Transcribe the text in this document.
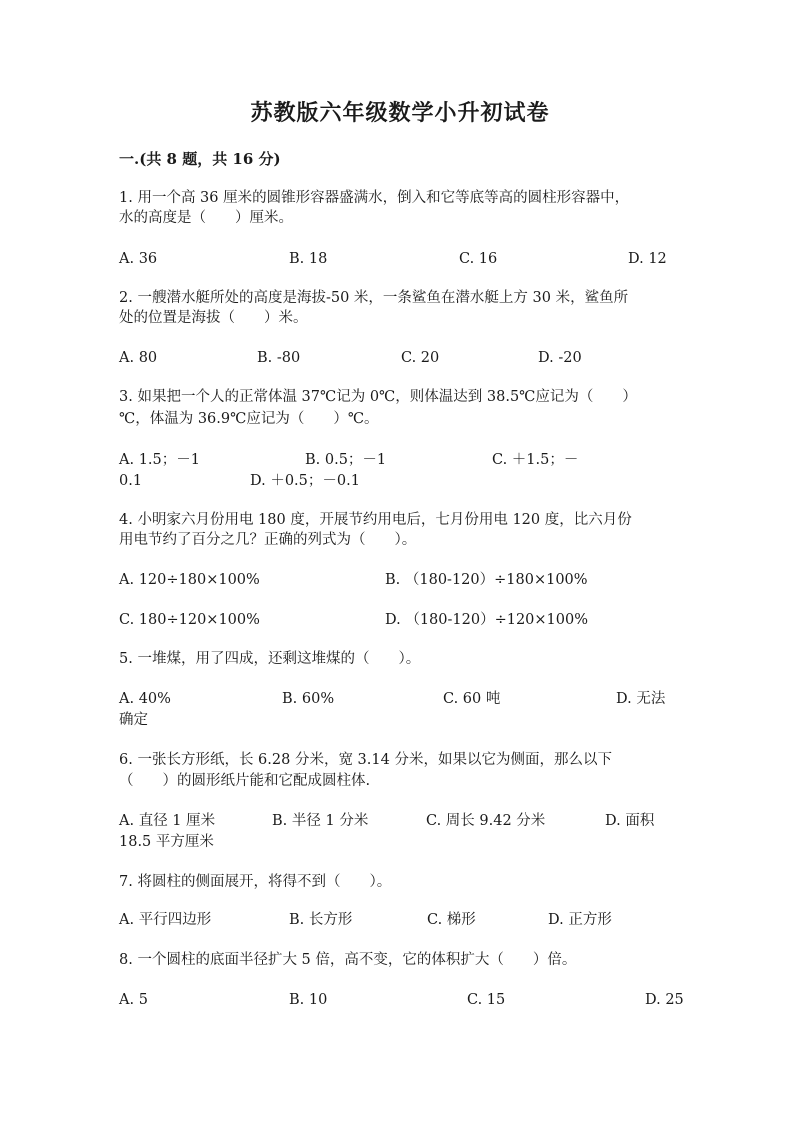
苏教版六年级数学小升初试卷
一.(共 8 题，共 16 分)
1. 用一个高 36 厘米的圆锥形容器盛满水，倒入和它等底等高的圆柱形容器中，
水的高度是（　　）厘米。
A. 36	B. 18	C. 16	D. 12
2. 一艘潜水艇所处的高度是海拔-50 米，一条鲨鱼在潜水艇上方 30 米，鲨鱼所
处的位置是海拔（　　）米。
A. 80	B. -80	C. 20	D. -20
3. 如果把一个人的正常体温 37℃记为 0℃，则体温达到 38.5℃应记为（　　）
℃，体温为 36.9℃应记为（　　）℃。
A. 1.5；－1	B. 0.5；－1	C. ＋1.5；－
0.1	D. ＋0.5；－0.1
4. 小明家六月份用电 180 度，开展节约用电后，七月份用电 120 度，比六月份
用电节约了百分之几？正确的列式为（　　）。
A. 120÷180×100%	B. （180-120）÷180×100%
C. 180÷120×100%	D. （180-120）÷120×100%
5. 一堆煤，用了四成，还剩这堆煤的（　　）。
A. 40%	B. 60%	C. 60 吨	D. 无法
确定
6. 一张长方形纸，长 6.28 分米，宽 3.14 分米，如果以它为侧面，那么以下
（　　）的圆形纸片能和它配成圆柱体.
A. 直径 1 厘米	B. 半径 1 分米	C. 周长 9.42 分米	D. 面积
18.5 平方厘米
7. 将圆柱的侧面展开，将得不到（　　）。
A. 平行四边形	B. 长方形	C. 梯形	D. 正方形
8. 一个圆柱的底面半径扩大 5 倍，高不变，它的体积扩大（　　）倍。
A. 5	B. 10	C. 15	D. 25
